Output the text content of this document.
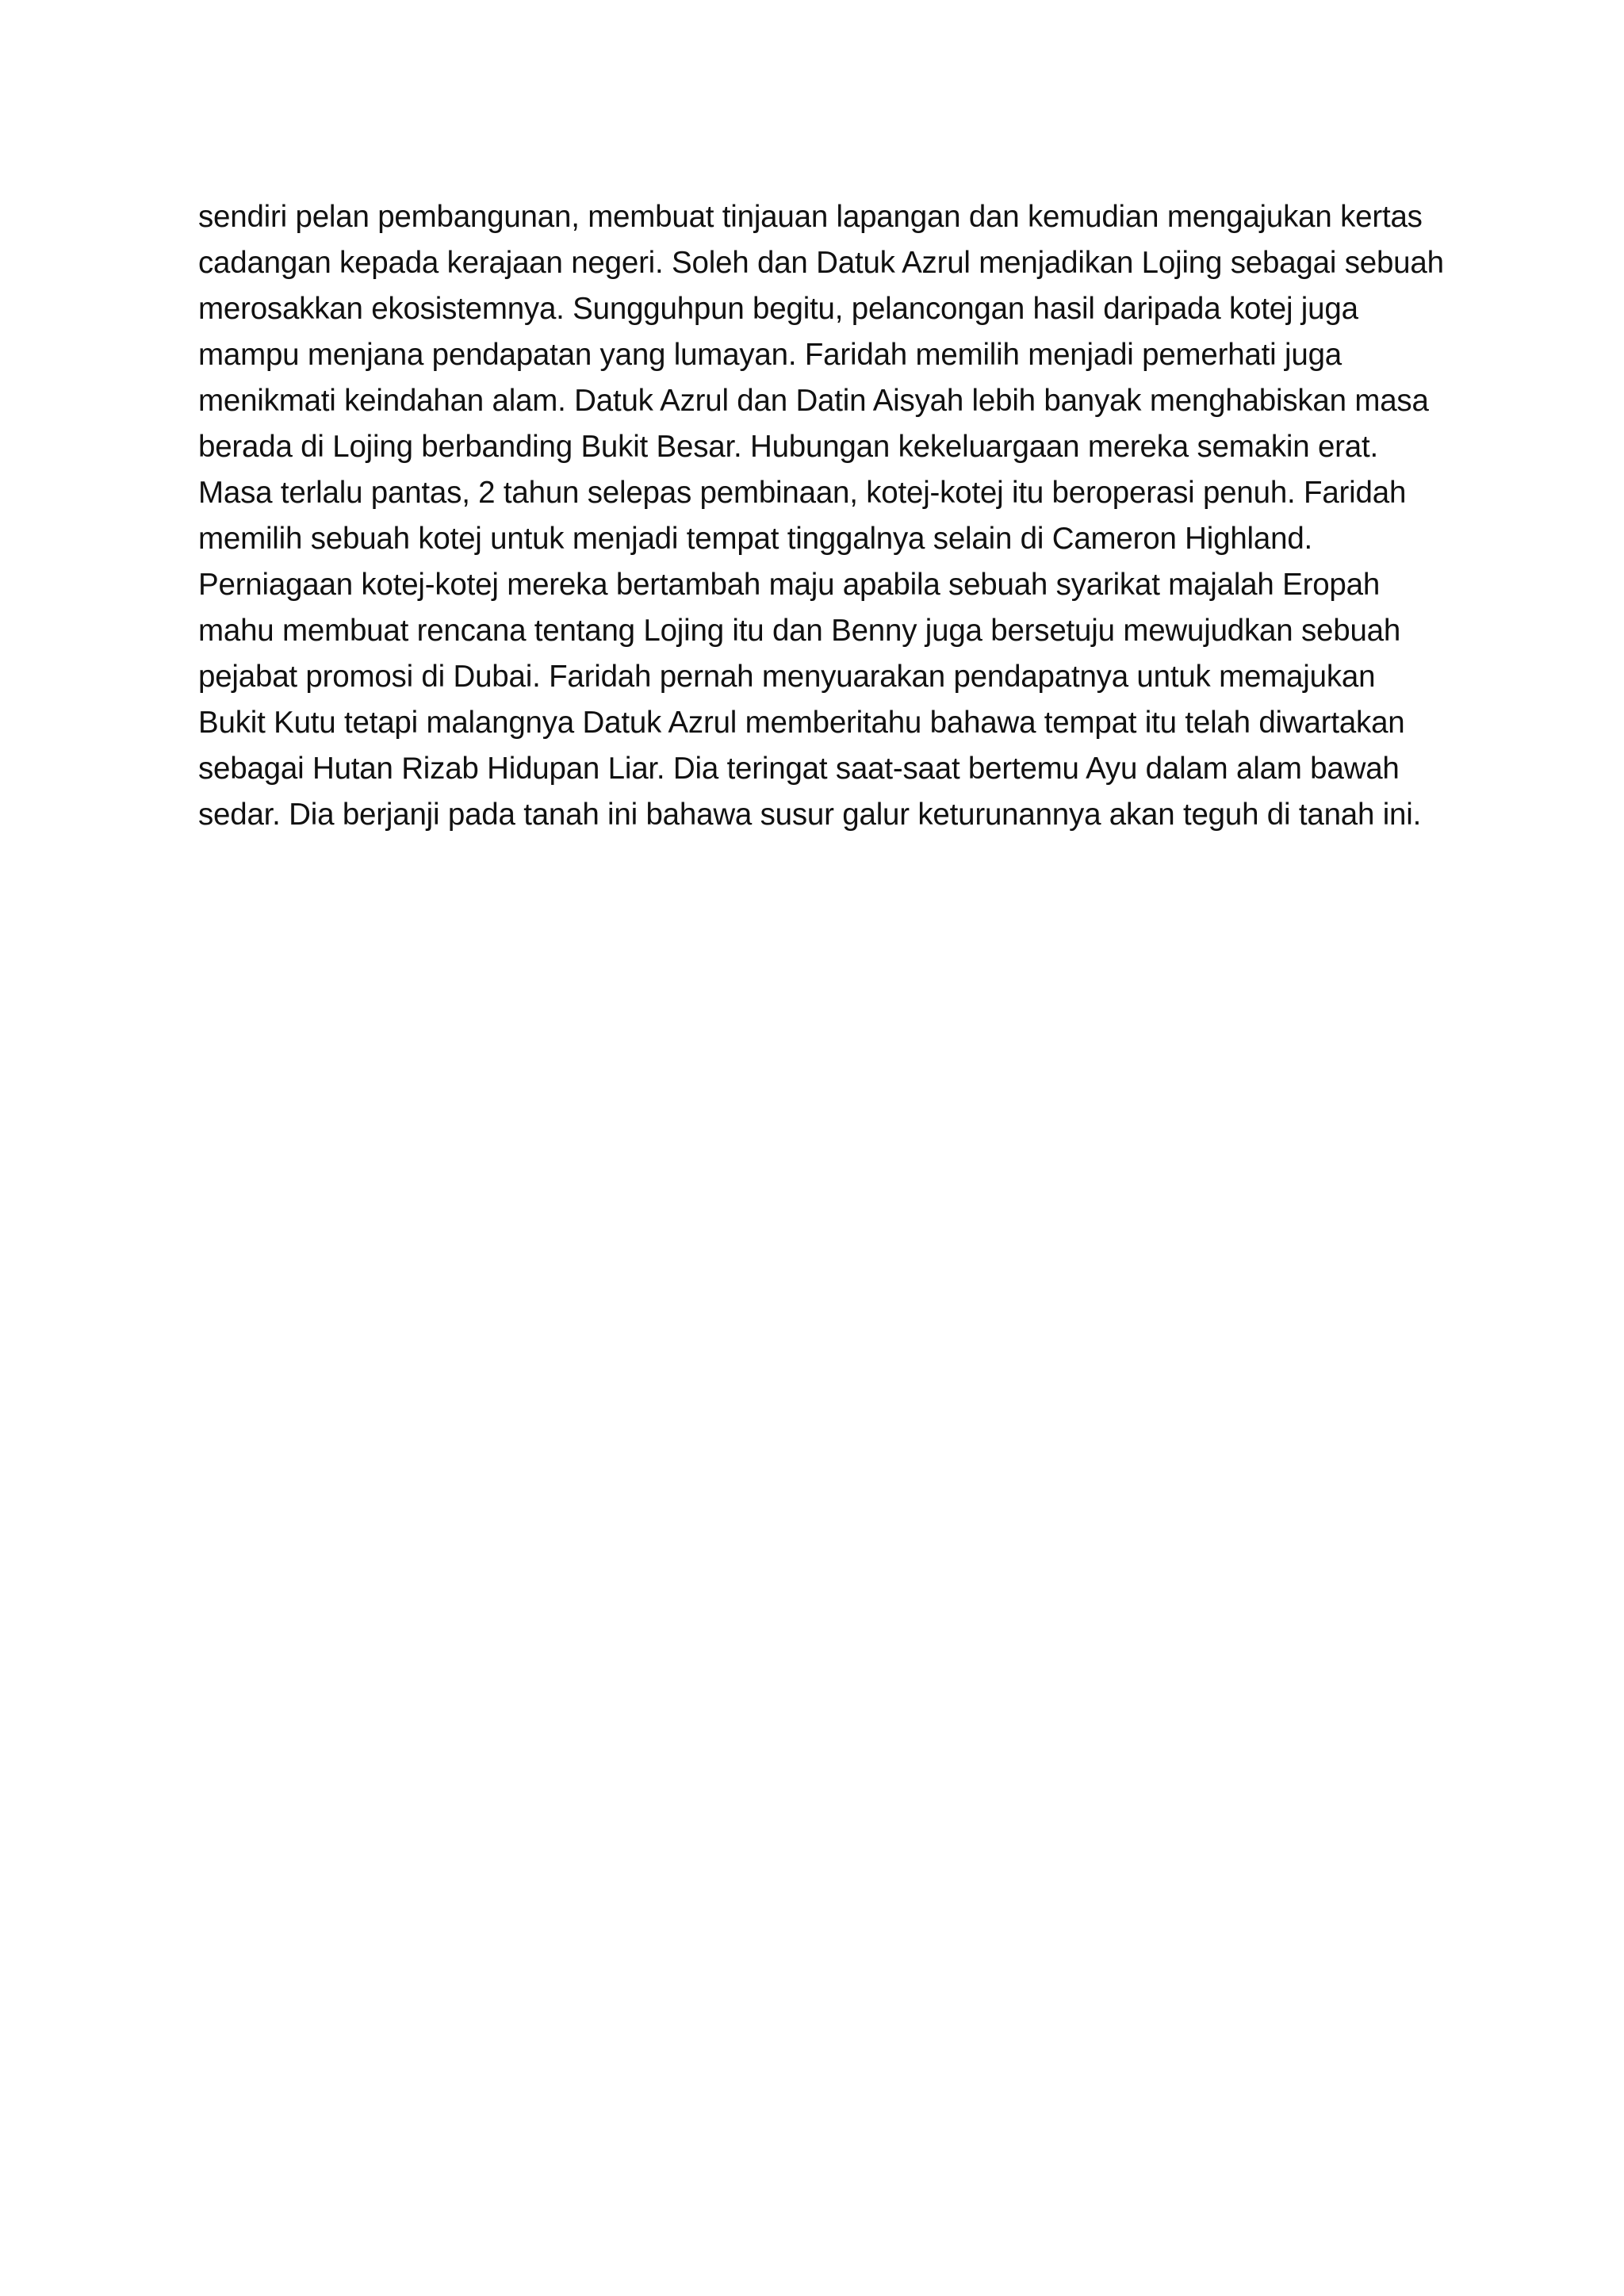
sendiri pelan pembangunan, membuat tinjauan lapangan dan kemudian mengajukan kertas
cadangan kepada kerajaan negeri. Soleh dan Datuk Azrul menjadikan Lojing sebagai sebuah
merosakkan ekosistemnya. Sungguhpun begitu, pelancongan hasil daripada kotej juga
mampu menjana pendapatan yang lumayan. Faridah memilih menjadi pemerhati juga
menikmati keindahan alam. Datuk Azrul dan Datin Aisyah lebih banyak menghabiskan masa
berada di Lojing berbanding Bukit Besar. Hubungan kekeluargaan mereka semakin erat.
Masa terlalu pantas, 2 tahun selepas pembinaan, kotej-kotej itu beroperasi penuh. Faridah
memilih sebuah kotej untuk menjadi tempat tinggalnya selain di Cameron Highland.
Perniagaan kotej-kotej mereka bertambah maju apabila sebuah syarikat majalah Eropah
mahu membuat rencana tentang Lojing itu dan Benny juga bersetuju mewujudkan sebuah
pejabat promosi di Dubai. Faridah pernah menyuarakan pendapatnya untuk memajukan
Bukit Kutu tetapi malangnya Datuk Azrul memberitahu bahawa tempat itu telah diwartakan
sebagai Hutan Rizab Hidupan Liar. Dia teringat saat-saat bertemu Ayu dalam alam bawah
sedar. Dia berjanji pada tanah ini bahawa susur galur keturunannya akan teguh di tanah ini.
